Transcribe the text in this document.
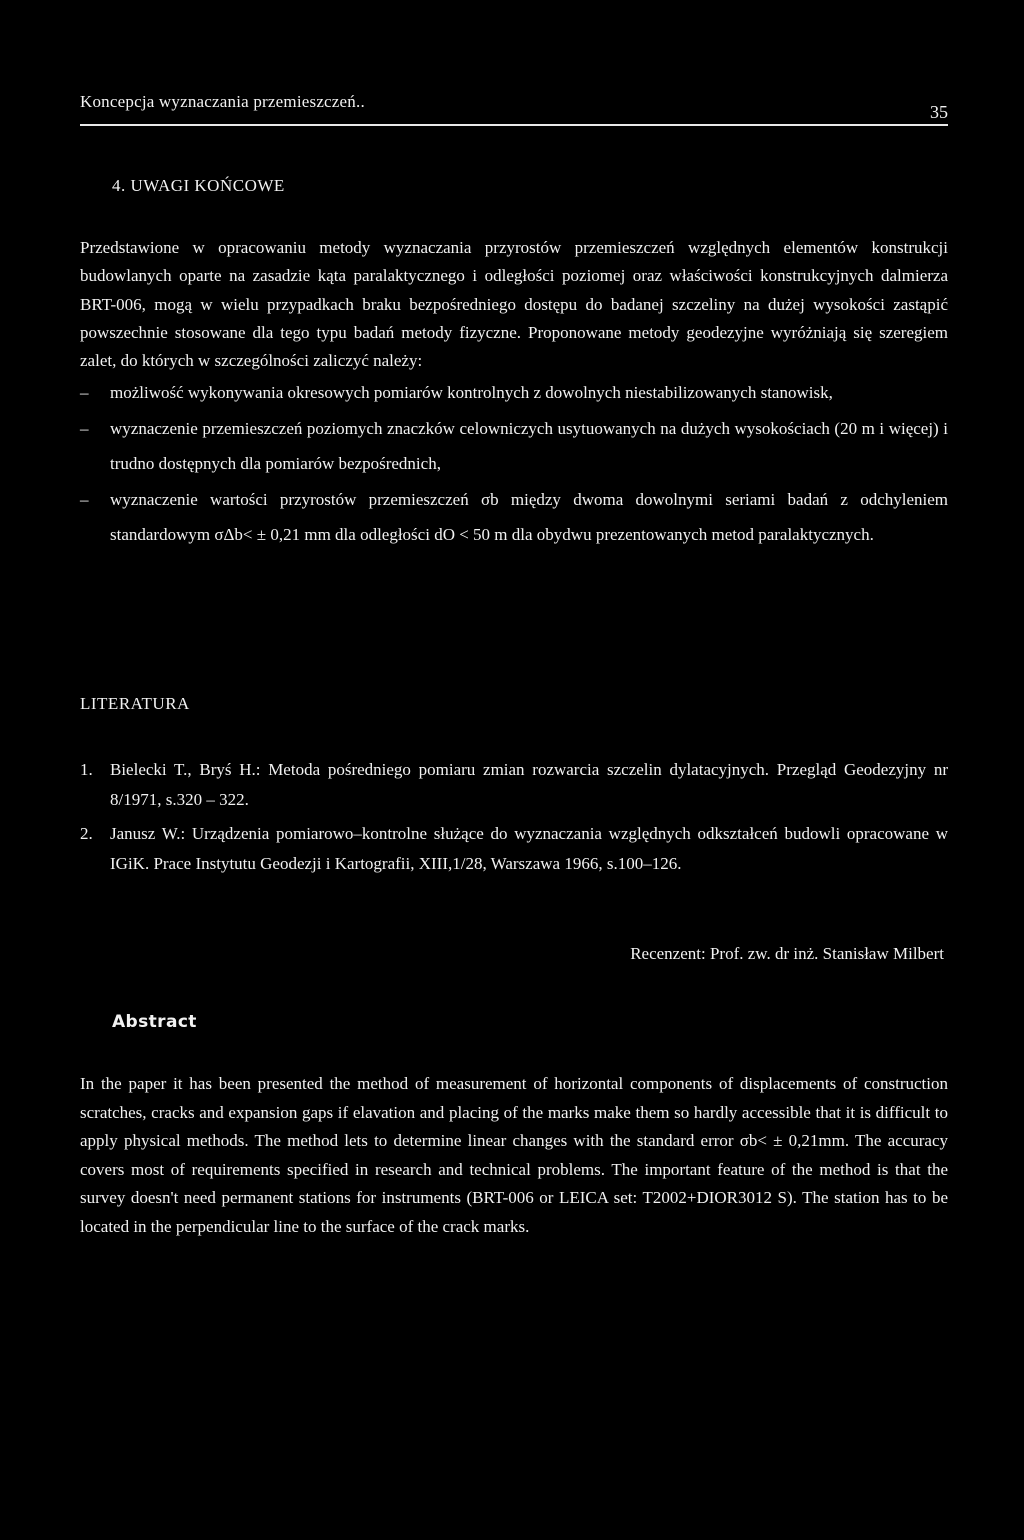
Koncepcja wyznaczania przemieszczeń..
35
4. UWAGI KOŃCOWE

Przedstawione w opracowaniu metody wyznaczania przyrostów przemieszczeń względnych elementów konstrukcji budowlanych oparte na zasadzie kąta paralaktycznego i odległości poziomej oraz właściwości konstrukcyjnych dalmierza BRT-006, mogą w wielu przypadkach braku bezpośredniego dostępu do badanej szczeliny na dużej wysokości zastąpić powszechnie stosowane dla tego typu badań metody fizyczne. Proponowane metody geodezyjne wyróżniają się szeregiem zalet, do których w szczególności zaliczyć należy:

– możliwość wykonywania okresowych pomiarów kontrolnych z dowolnych niestabilizowanych stanowisk,
– wyznaczenie przemieszczeń poziomych znaczków celowniczych usytuowanych na dużych wysokościach (20 m i więcej) i trudno dostępnych dla pomiarów bezpośrednich,
– wyznaczenie wartości przyrostów przemieszczeń σb między dwoma dowolnymi seriami badań z odchyleniem standardowym σΔb< ± 0,21 mm dla odległości dO < 50 m dla obydwu prezentowanych metod paralaktycznych.
LITERATURA
1. Bielecki T., Bryś H.: Metoda pośredniego pomiaru zmian rozwarcia szczelin dylatacyjnych. Przegląd Geodezyjny nr 8/1971, s.320 – 322.
2. Janusz W.: Urządzenia pomiarowo–kontrolne służące do wyznaczania względnych odkształceń budowli opracowane w IGiK. Prace Instytutu Geodezji i Kartografii, XIII,1/28, Warszawa 1966, s.100–126.
Recenzent: Prof. zw. dr inż. Stanisław Milbert
Abstract

In the paper it has been presented the method of measurement of horizontal components of displacements of construction scratches, cracks and expansion gaps if elavation and placing of the marks make them so hardly accessible that it is difficult to apply physical methods. The method lets to determine linear changes with the standard error σb< ± 0,21mm. The accuracy covers most of requirements specified in research and technical problems. The important feature of the method is that the survey doesn't need permanent stations for instruments (BRT-006 or LEICA set: T2002+DIOR3012 S). The station has to be located in the perpendicular line to the surface of the crack marks.
